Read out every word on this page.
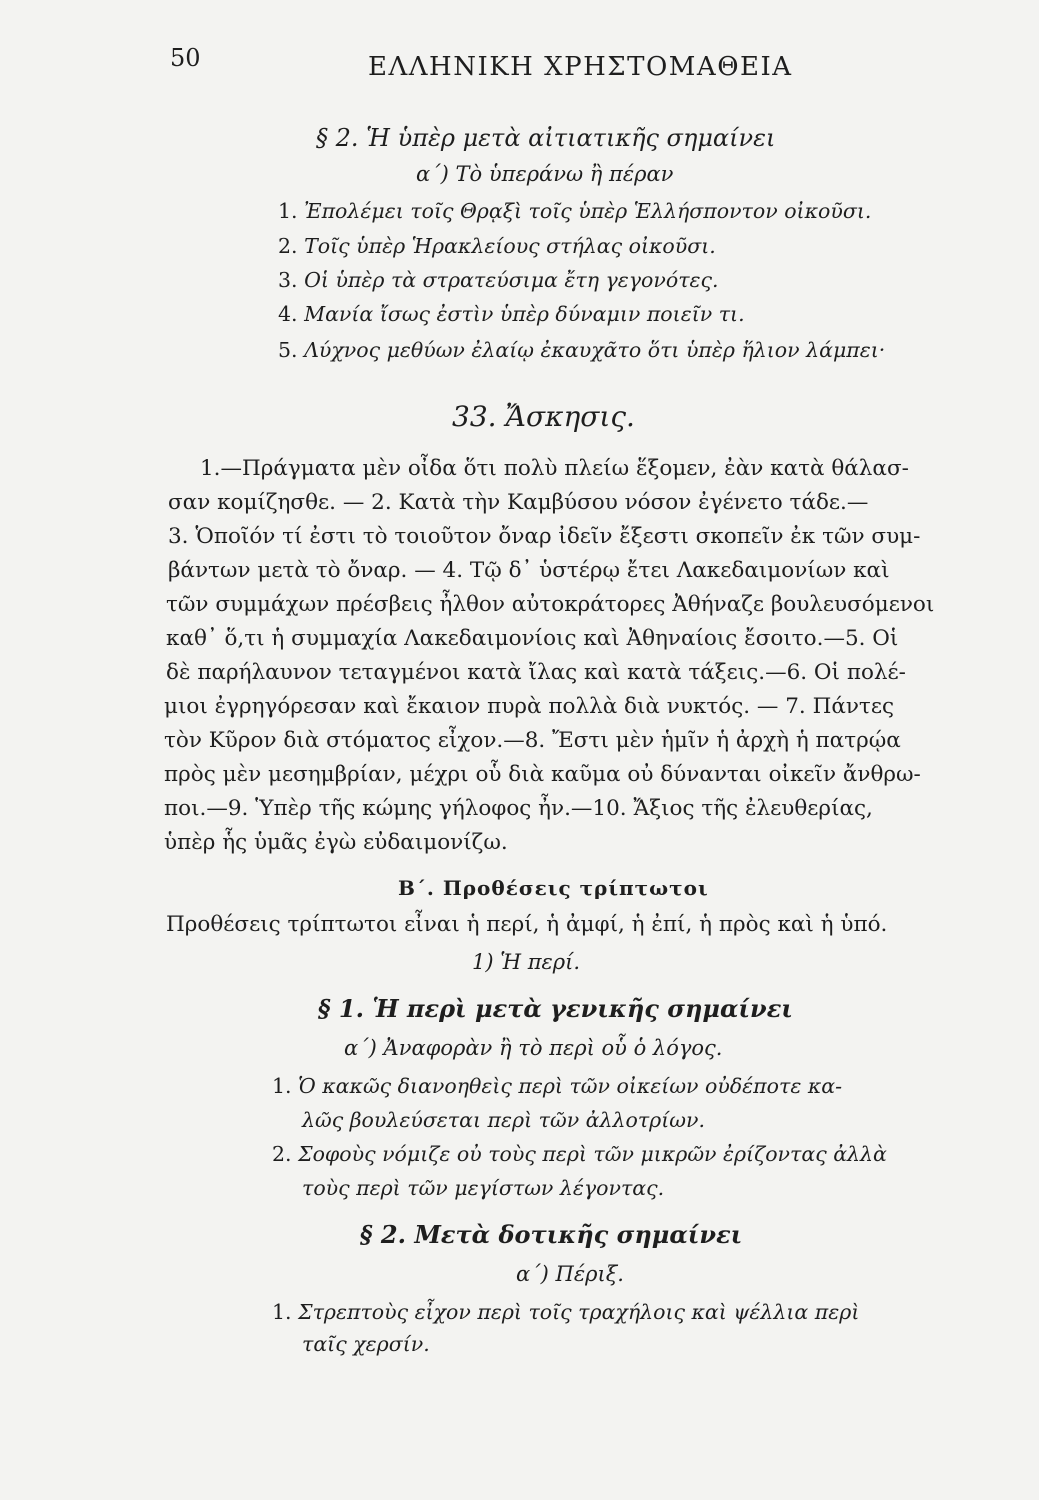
50	ΕΛΛΗΝΙΚΗ ΧΡΗΣΤΟΜΑΘΕΙΑ
§ 2. Ἡ ὑπὲρ μετὰ αἰτιατικῆς σημαίνει
α΄) Τὸ ὑπεράνω ἢ πέραν
1. Ἐπολέμει τοῖς Θρᾳξὶ τοῖς ὑπὲρ Ἑλλήσποντον οἰκοῦσι.
2. Τοῖς ὑπὲρ Ἡρακλείους στήλας οἰκοῦσι.
3. Οἱ ὑπὲρ τὰ στρατεύσιμα ἔτη γεγονότες.
4. Μανία ἴσως ἐστὶν ὑπὲρ δύναμιν ποιεῖν τι.
5. Λύχνος μεθύων ἐλαίῳ ἐκαυχᾶτο ὅτι ὑπὲρ ἥλιον λάμπει·
33. Ἄσκησις.
1.—Πράγματα μὲν οἶδα ὅτι πολὺ πλείω ἕξομεν, ἐὰν κατὰ θάλασ-
σαν κομίζησθε. — 2. Κατὰ τὴν Καμβύσου νόσον ἐγένετο τάδε.—
3. Ὁποῖόν τί ἐστι τὸ τοιοῦτον ὄναρ ἰδεῖν ἔξεστι σκοπεῖν ἐκ τῶν συμ-
βάντων μετὰ τὸ ὄναρ. — 4. Τῷ δ᾽ ὑστέρῳ ἔτει Λακεδαιμονίων καὶ
τῶν συμμάχων πρέσβεις ἦλθον αὐτοκράτορες Ἀθήναζε βουλευσόμενοι
καθ᾽ ὅ,τι ἡ συμμαχία Λακεδαιμονίοις καὶ Ἀθηναίοις ἔσοιτο.—5. Οἱ
δὲ παρήλαυνον τεταγμένοι κατὰ ἴλας καὶ κατὰ τάξεις.—6. Οἱ πολέ-
μιοι ἐγρηγόρεσαν καὶ ἔκαιον πυρὰ πολλὰ διὰ νυκτός. — 7. Πάντες
τὸν Κῦρον διὰ στόματος εἶχον.—8. Ἔστι μὲν ἡμῖν ἡ ἀρχὴ ἡ πατρῴα
πρὸς μὲν μεσημβρίαν, μέχρι οὗ διὰ καῦμα οὐ δύνανται οἰκεῖν ἄνθρω-
ποι.—9. Ὑπὲρ τῆς κώμης γήλοφος ἦν.—10. Ἄξιος τῆς ἐλευθερίας,
ὑπὲρ ἧς ὑμᾶς ἐγὼ εὐδαιμονίζω.
Β΄. Προθέσεις τρίπτωτοι
Προθέσεις τρίπτωτοι εἶναι ἡ περί, ἡ ἀμφί, ἡ ἐπί, ἡ πρὸς καὶ ἡ ὑπό.
1) Ἡ περί.
§ 1. Ἡ περὶ μετὰ γενικῆς σημαίνει
α΄) Ἀναφορὰν ἢ τὸ περὶ οὗ ὁ λόγος.
1. Ὁ κακῶς διανοηθεὶς περὶ τῶν οἰκείων οὐδέποτε κα-
λῶς βουλεύσεται περὶ τῶν ἀλλοτρίων.
2. Σοφοὺς νόμιζε οὐ τοὺς περὶ τῶν μικρῶν ἐρίζοντας ἀλλὰ
τοὺς περὶ τῶν μεγίστων λέγοντας.
§ 2. Μετὰ δοτικῆς σημαίνει
α΄) Πέριξ.
1. Στρεπτοὺς εἶχον περὶ τοῖς τραχήλοις καὶ ψέλλια περὶ
ταῖς χερσίν.
